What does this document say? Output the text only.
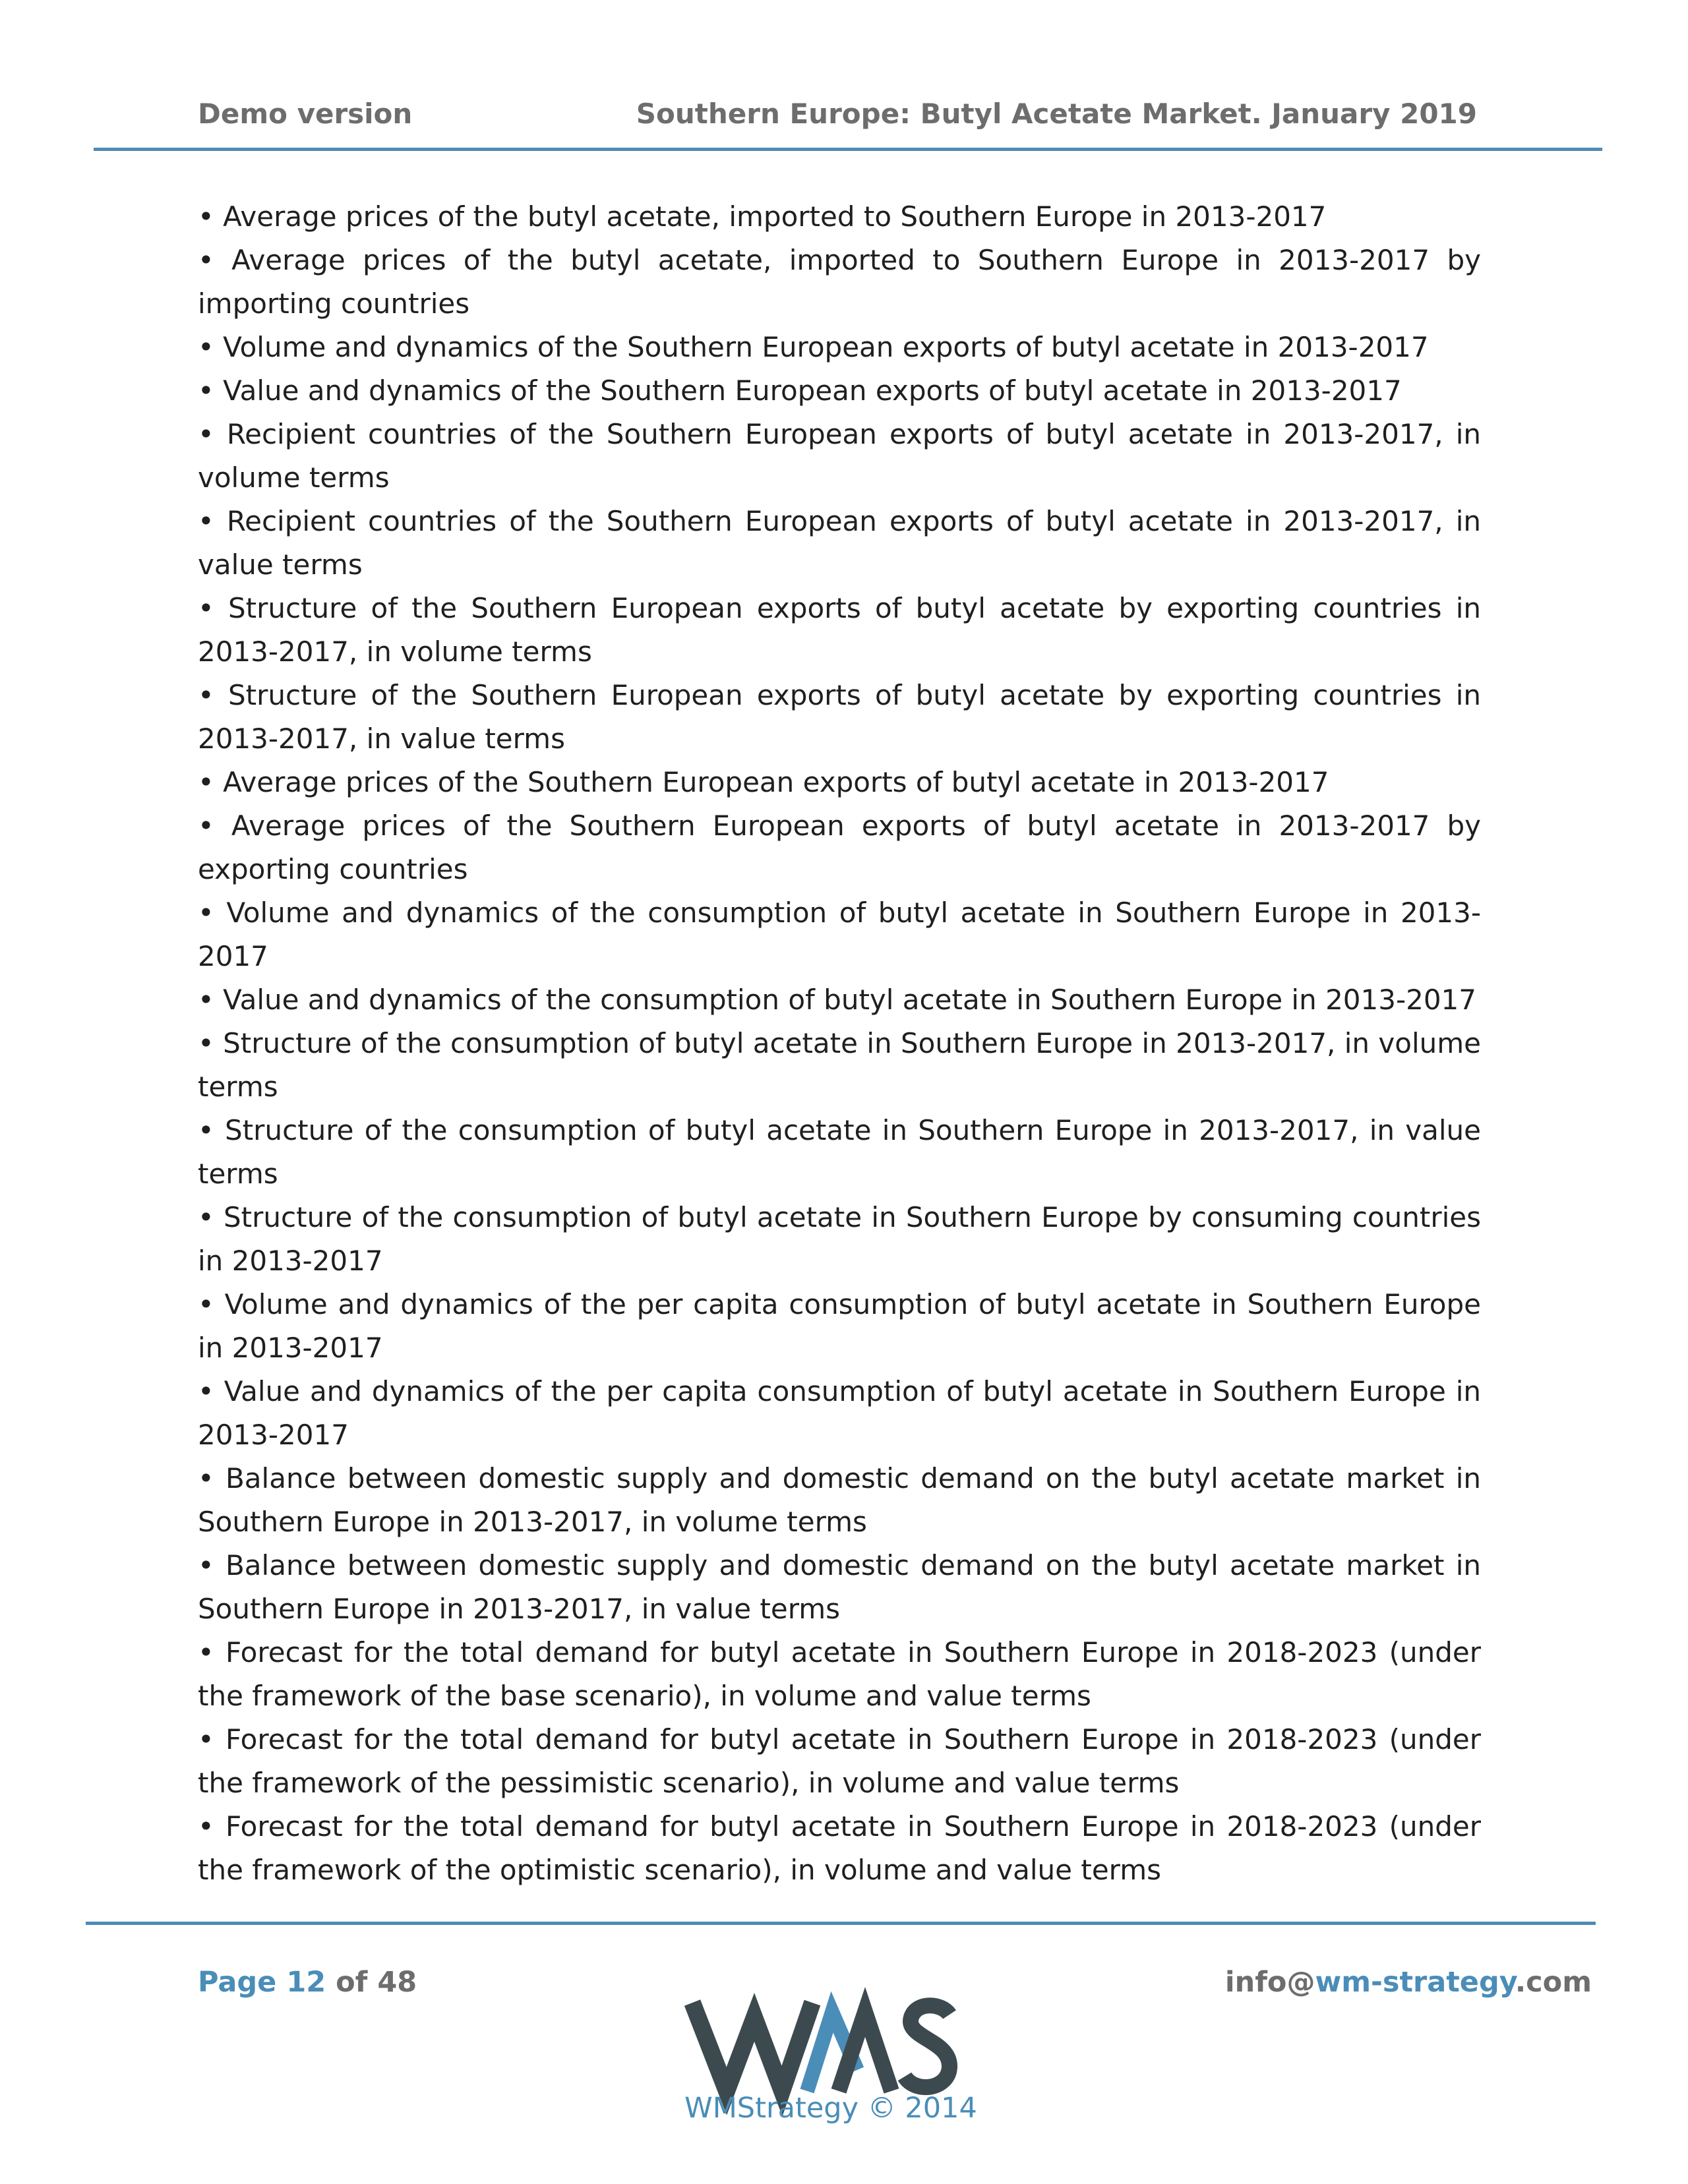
Demo version	Southern Europe: Butyl Acetate Market. January 2019

• Average prices of the butyl acetate, imported to Southern Europe in 2013-2017

• Average prices of the butyl acetate, imported to Southern Europe in 2013-2017 by importing countries

• Volume and dynamics of the Southern European exports of butyl acetate in 2013-2017

• Value and dynamics of the Southern European exports of butyl acetate in 2013-2017

• Recipient countries of the Southern European exports of butyl acetate in 2013-2017, in volume terms

• Recipient countries of the Southern European exports of butyl acetate in 2013-2017, in value terms

• Structure of the Southern European exports of butyl acetate by exporting countries in 2013-2017, in volume terms

• Structure of the Southern European exports of butyl acetate by exporting countries in 2013-2017, in value terms

• Average prices of the Southern European exports of butyl acetate in 2013-2017

• Average prices of the Southern European exports of butyl acetate in 2013-2017 by exporting countries

• Volume and dynamics of the consumption of butyl acetate in Southern Europe in 2013-2017

• Value and dynamics of the consumption of butyl acetate in Southern Europe in 2013-2017

• Structure of the consumption of butyl acetate in Southern Europe in 2013-2017, in volume terms

• Structure of the consumption of butyl acetate in Southern Europe in 2013-2017, in value terms

• Structure of the consumption of butyl acetate in Southern Europe by consuming countries in 2013-2017

• Volume and dynamics of the per capita consumption of butyl acetate in Southern Europe in 2013-2017

• Value and dynamics of the per capita consumption of butyl acetate in Southern Europe in 2013-2017

• Balance between domestic supply and domestic demand on the butyl acetate market in Southern Europe in 2013-2017, in volume terms

• Balance between domestic supply and domestic demand on the butyl acetate market in Southern Europe in 2013-2017, in value terms

• Forecast for the total demand for butyl acetate in Southern Europe in 2018-2023 (under the framework of the base scenario), in volume and value terms

• Forecast for the total demand for butyl acetate in Southern Europe in 2018-2023 (under the framework of the pessimistic scenario), in volume and value terms

• Forecast for the total demand for butyl acetate in Southern Europe in 2018-2023 (under the framework of the optimistic scenario), in volume and value terms

Page 12 of 48	info@wm-strategy.com
WMStrategy © 2014
